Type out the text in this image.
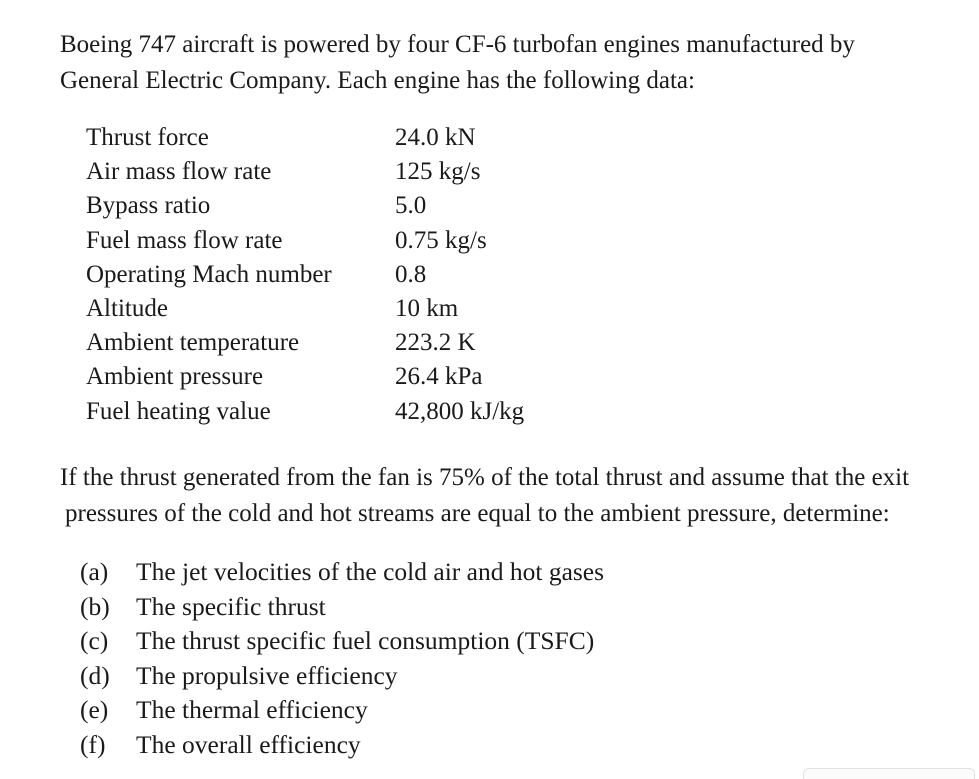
Boeing 747 aircraft is powered by four CF-6 turbofan engines manufactured by
General Electric Company. Each engine has the following data:

Thrust force	24.0 kN
Air mass flow rate	125 kg/s
Bypass ratio	5.0
Fuel mass flow rate	0.75 kg/s
Operating Mach number	0.8
Altitude	10 km
Ambient temperature	223.2 K
Ambient pressure	26.4 kPa
Fuel heating value	42,800 kJ/kg

If the thrust generated from the fan is 75% of the total thrust and assume that the exit
pressures of the cold and hot streams are equal to the ambient pressure, determine:

(a)	The jet velocities of the cold air and hot gases
(b)	The specific thrust
(c)	The thrust specific fuel consumption (TSFC)
(d)	The propulsive efficiency
(e)	The thermal efficiency
(f)	The overall efficiency
